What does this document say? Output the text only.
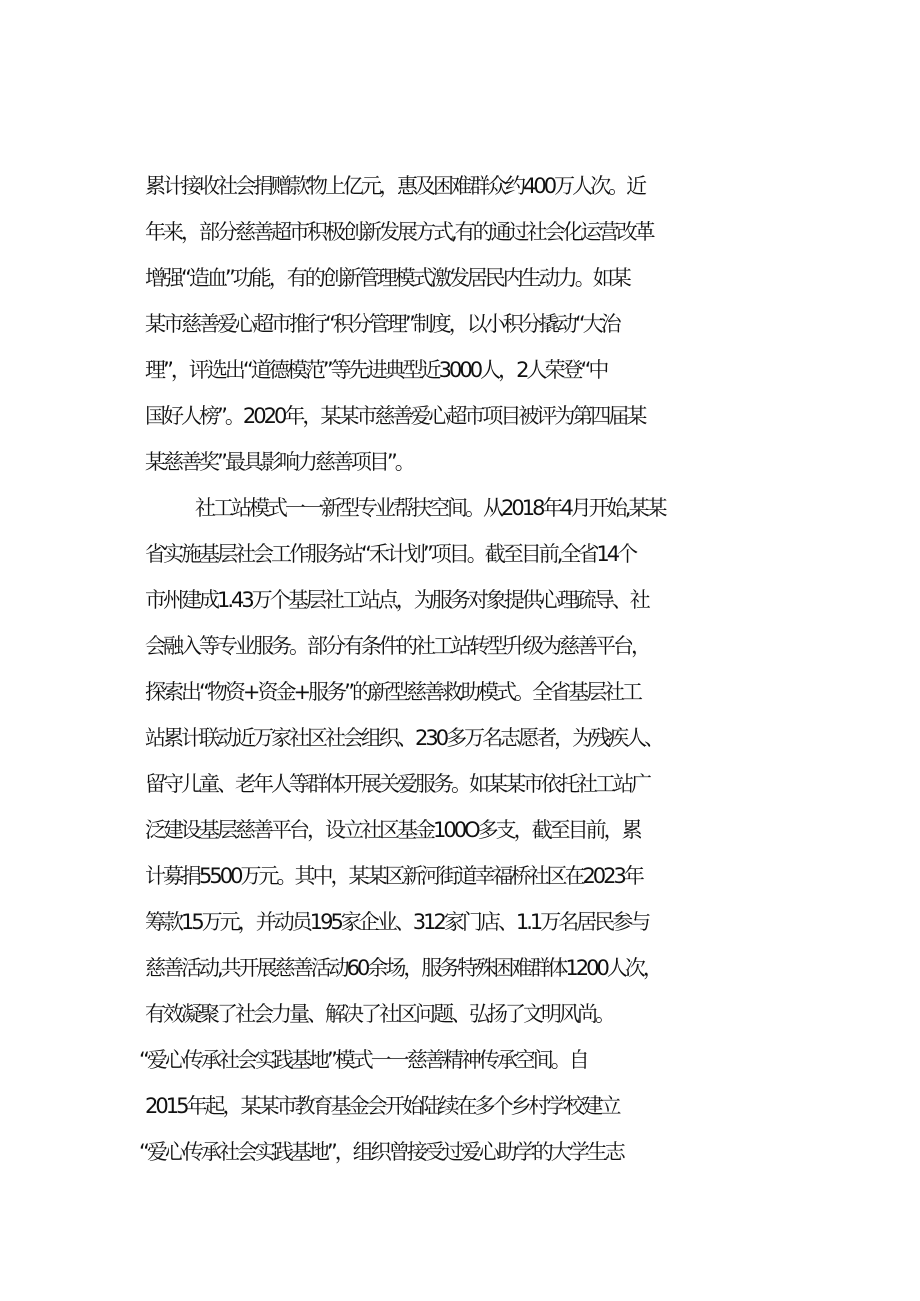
累计接收社会捐赠款物上亿元，惠及困难群众约400万人次。近

年来，部分慈善超市积极创新发展方式,有的通过社会化运营改革

增强“造血”功能，有的创新管理模式激发居民内生动力。如某

某市慈善爱心超市推行“积分管理”制度，以小积分撬动“大治

理”，评选出“道德模范”等先进典型近3000人，2人荣登“中

国好人榜”。2020年，某某市慈善爱心超市项目被评为第四届某

某慈善奖”最具影响力慈善项目”。

社工站模式一一新型专业帮扶空间。从2018年4月开始,某某

省实施基层社会工作服务站“禾计划”项目。截至目前,全省14个

市州建成1.43万个基层社工站点，为服务对象提供心理疏导、社

会融入等专业服务。部分有条件的社工站转型升级为慈善平台，

探索出“物资+资金+服务”的新型慈善救助模式。全省基层社工

站累计联动近万家社区社会组织、230多万名志愿者，为残疾人、

留守儿童、老年人等群体开展关爱服务。如某某市依托社工站广

泛建设基层慈善平台，设立社区基金100O多支，截至目前，累

计募捐5500万元。其中，某某区新河街道幸福桥社区在2023年

筹款15万元，并动员195家企业、312家门店、1.1万名居民参与

慈善活动,共开展慈善活动60余场，服务特殊困难群体1200人次，

有效凝聚了社会力量、解决了社区问题、弘扬了文明风尚。

“爱心传承社会实践基地”模式一一慈善精神传承空间。自

2015年起，某某市教育基金会开始陆续在多个乡村学校建立

“爱心传承社会实践基地”，组织曾接受过爱心助学的大学生志
